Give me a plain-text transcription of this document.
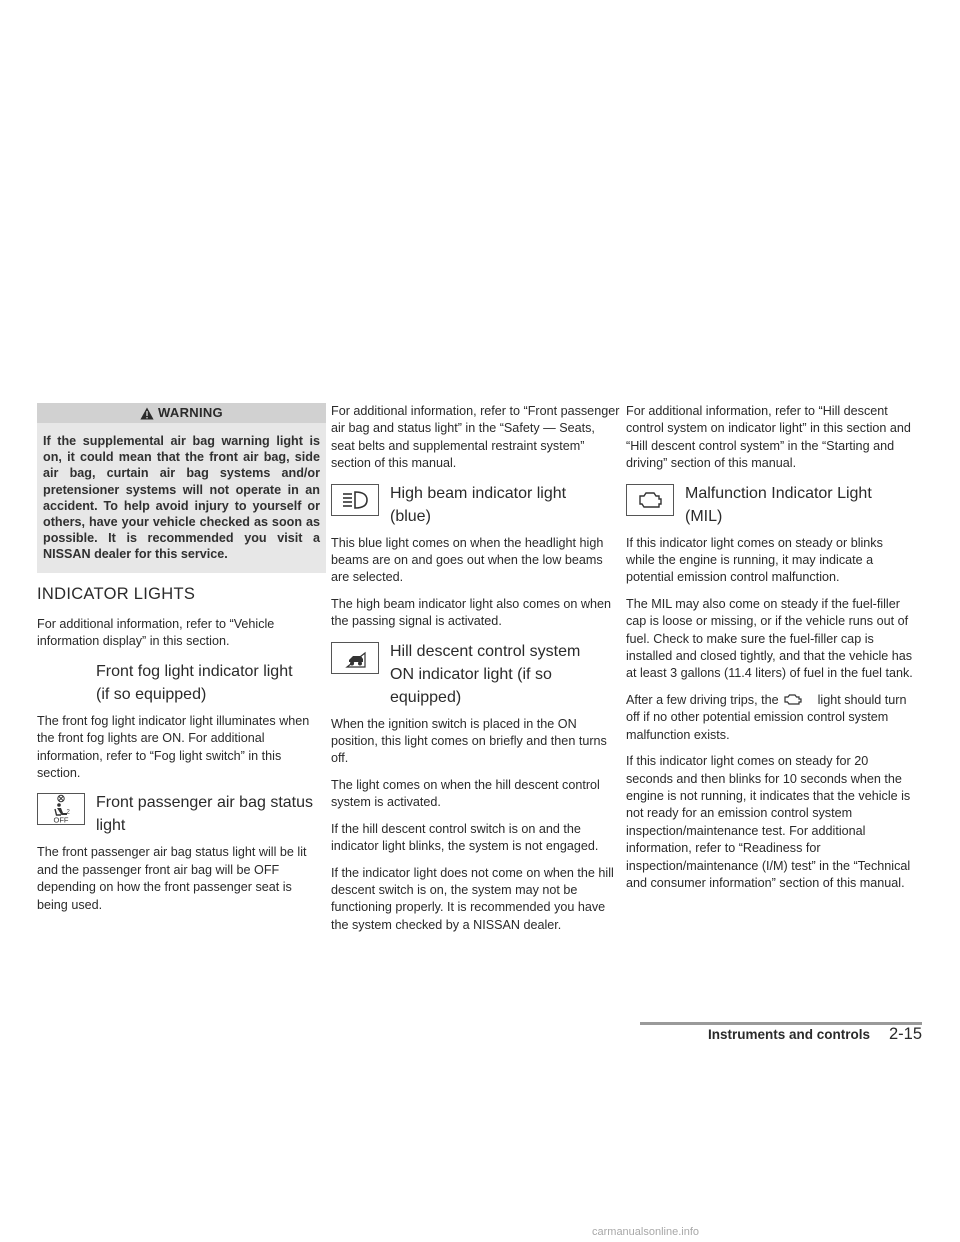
WARNING
If the supplemental air bag warning light is on, it could mean that the front air bag, side air bag, curtain air bag systems and/or pretensioner systems will not operate in an accident. To help avoid injury to yourself or others, have your vehicle checked as soon as possible. It is recommended you visit a NISSAN dealer for this service.
INDICATOR LIGHTS

For additional information, refer to “Vehicle information display” in this section.

Front fog light indicator light
(if so equipped)

The front fog light indicator light illuminates when the front fog lights are ON. For additional information, refer to “Fog light switch” in this section.

2
OFF
Front passenger air bag status
light

The front passenger air bag status light will be lit and the passenger front air bag will be OFF depending on how the front passenger seat is being used.

For additional information, refer to “Front passenger air bag and status light” in the “Safety — Seats, seat belts and supplemental restraint system” section of this manual.

High beam indicator light
(blue)

This blue light comes on when the headlight high beams are on and goes out when the low beams are selected.

The high beam indicator light also comes on when the passing signal is activated.

Hill descent control system
ON indicator light (if so
equipped)

When the ignition switch is placed in the ON position, this light comes on briefly and then turns off.

The light comes on when the hill descent control system is activated.

If the hill descent control switch is on and the indicator light blinks, the system is not engaged.

If the indicator light does not come on when the hill descent switch is on, the system may not be functioning properly. It is recommended you have the system checked by a NISSAN dealer.

For additional information, refer to “Hill descent control system on indicator light” in this section and “Hill descent control system” in the “Starting and driving” section of this manual.

Malfunction Indicator Light
(MIL)

If this indicator light comes on steady or blinks while the engine is running, it may indicate a potential emission control malfunction.

The MIL may also come on steady if the fuel-filler cap is loose or missing, or if the vehicle runs out of fuel. Check to make sure the fuel-filler cap is installed and closed tightly, and that the vehicle has at least 3 gallons (11.4 liters) of fuel in the fuel tank.

After a few driving trips, the	light should turn off if no other potential emission control system malfunction exists.

If this indicator light comes on steady for 20 seconds and then blinks for 10 seconds when the engine is not running, it indicates that the vehicle is not ready for an emission control system inspection/maintenance test. For additional information, refer to “Readiness for inspection/maintenance (I/M) test” in the “Technical and consumer information” section of this manual.

Instruments and controls 2-15
carmanualsonline.info
